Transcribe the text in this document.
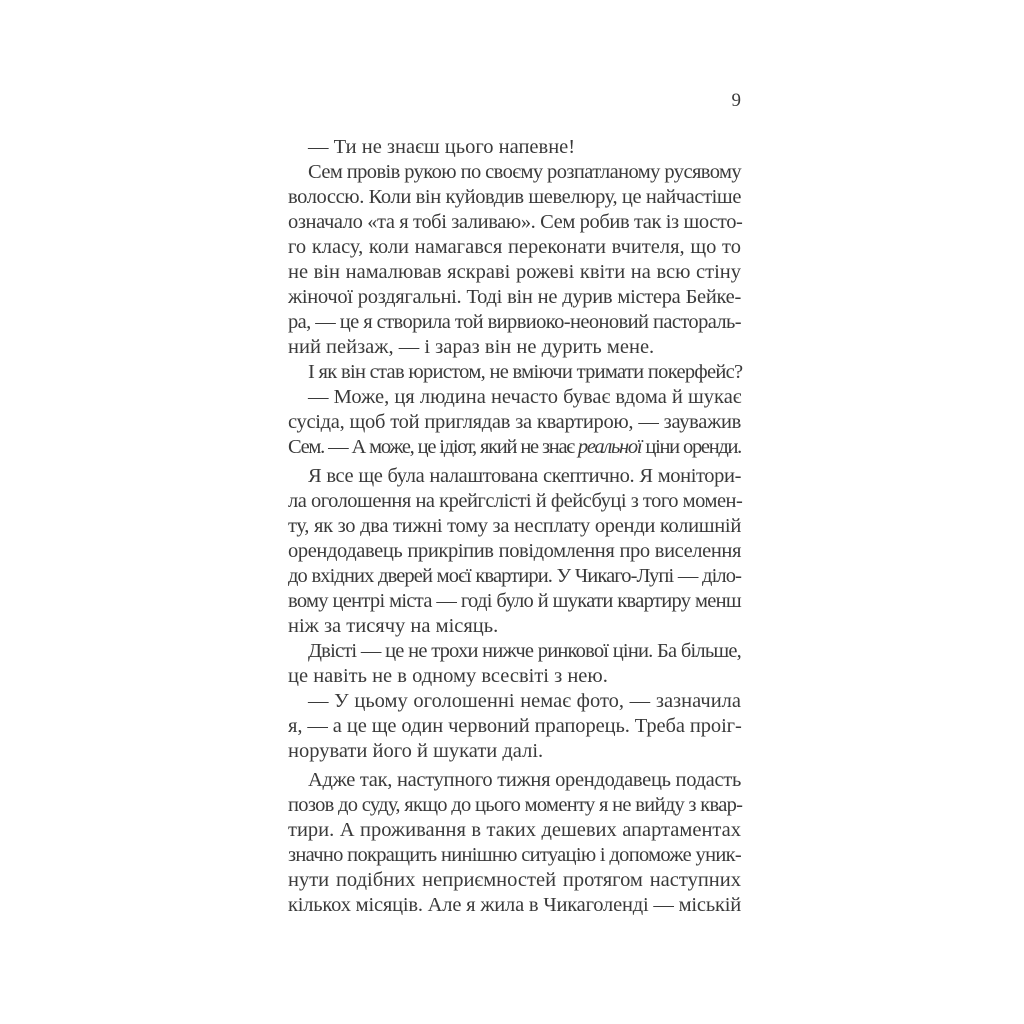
9
— Ти не знаєш цього напевне!
Сем провів рукою по своєму розпатланому русявому
волоссю. Коли він куйовдив шевелюру, це найчастіше
означало «та я тобі заливаю». Сем робив так із шосто-
го класу, коли намагався переконати вчителя, що то
не він намалював яскраві рожеві квіти на всю стіну
жіночої роздягальні. Тоді він не дурив містера Бейке-
ра, — це я створила той вирвиоко-неоновий пастораль-
ний пейзаж, — і зараз він не дурить мене.
І як він став юристом, не вміючи тримати покерфейс?
— Може, ця людина нечасто буває вдома й шукає
сусіда, щоб той приглядав за квартирою, — зауважив
Сем. — А може, це ідіот, який не знає реальної ціни оренди.
Я все ще була налаштована скептично. Я монітори-
ла оголошення на крейгслісті й фейсбуці з того момен-
ту, як зо два тижні тому за несплату оренди колишній
орендодавець прикріпив повідомлення про виселення
до вхідних дверей моєї квартири. У Чикаго-Лупі — діло-
вому центрі міста — годі було й шукати квартиру менш
ніж за тисячу на місяць.
Двісті — це не трохи нижче ринкової ціни. Ба більше,
це навіть не в одному всесвіті з нею.
— У цьому оголошенні немає фото, — зазначила
я, — а це ще один червоний прапорець. Треба проіг-
норувати його й шукати далі.
Адже так, наступного тижня орендодавець подасть
позов до суду, якщо до цього моменту я не вийду з квар-
тири. А проживання в таких дешевих апартаментах
значно покращить нинішню ситуацію і допоможе уник-
нути подібних неприємностей протягом наступних
кількох місяців. Але я жила в Чикаголенді — міській
